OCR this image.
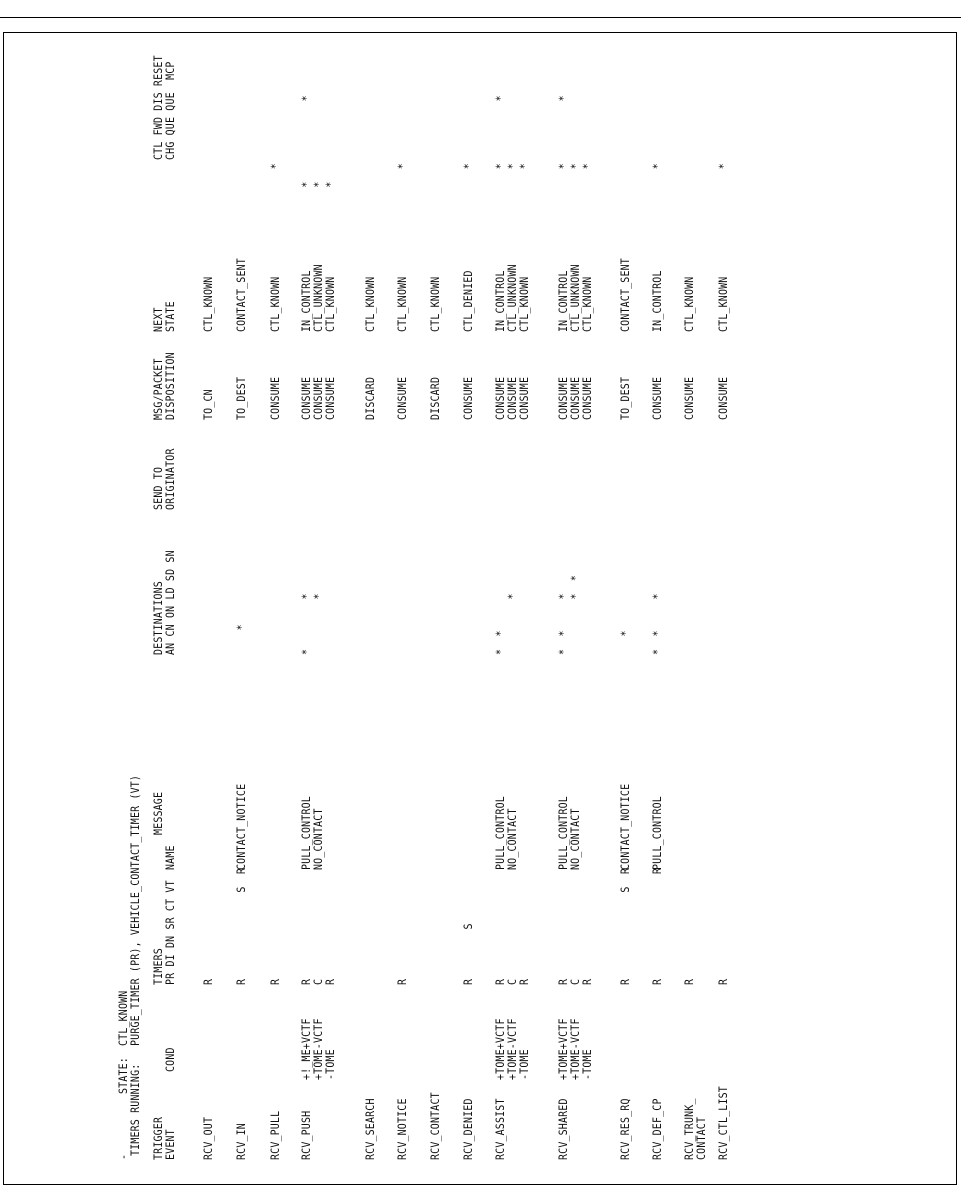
-
STATE:
CTL_KNOWN
TIMERS RUNNING:
PURGE_TIMER (PR), VEHICLE_CONTACT_TIMER (VT)
TRIGGER EVENT
COND
TIMERS PR DI DN SR CT VT
MESSAGE
NAME
DESTINATIONS AN CN ON LD SD SN
SEND TO ORIGINATOR
MSG/PACKET DISPOSITION
NEXT STATE
CTL FWD DIS RESET CHG QUE QUE  MCP
RCV_OUT
R
TO_CN
CTL_KNOWN
RCV_IN
R              S  R
CONTACT_NOTICE
*
TO_DEST
CONTACT_SENT
RCV_PULL
R
CONSUME
CTL_KNOWN
*
RCV_PUSH
+!_ME+VCTF
R
PULL_CONTROL
*        *
CONSUME
IN_CONTROL
*             *
+TOME-VCTF
C
NO_CONTACT
*
CONSUME
CTL_UNKNOWN
*
-TOME
R
CONSUME
CTL_KNOWN
*
RCV_SEARCH
DISCARD
CTL_KNOWN
RCV_NOTICE
R
CONSUME
CTL_KNOWN
*
RCV_CONTACT
DISCARD
CTL_KNOWN
RCV_DENIED
R        S
CONSUME
CTL_DENIED
*
RCV_ASSIST
+TOME+VCTF
R
PULL_CONTROL
*  *
CONSUME
IN_CONTROL
*          *
+TOME-VCTF
C
NO_CONTACT
*
CONSUME
CTL_UNKNOWN
*
-TOME
R
CONSUME
CTL_KNOWN
*
RCV_SHARED
+TOME+VCTF
R
PULL_CONTROL
*  *     *
CONSUME
IN_CONTROL
*          *
+TOME-VCTF
C
NO_CONTACT
*  *
CONSUME
CTL_UNKNOWN
*
-TOME
R
CONSUME
CTL_KNOWN
*
RCV_RES_RQ
R              S  R
CONTACT_NOTICE
*
TO_DEST
CONTACT_SENT
RCV_DEF_CP
R                 R
PULL_CONTROL
*  *     *
CONSUME
IN_CONTROL
*
RCV_TRUNK_ CONTACT
R
CONSUME
CTL_KNOWN
RCV_CTL_LIST
R
CONSUME
CTL_KNOWN
*
